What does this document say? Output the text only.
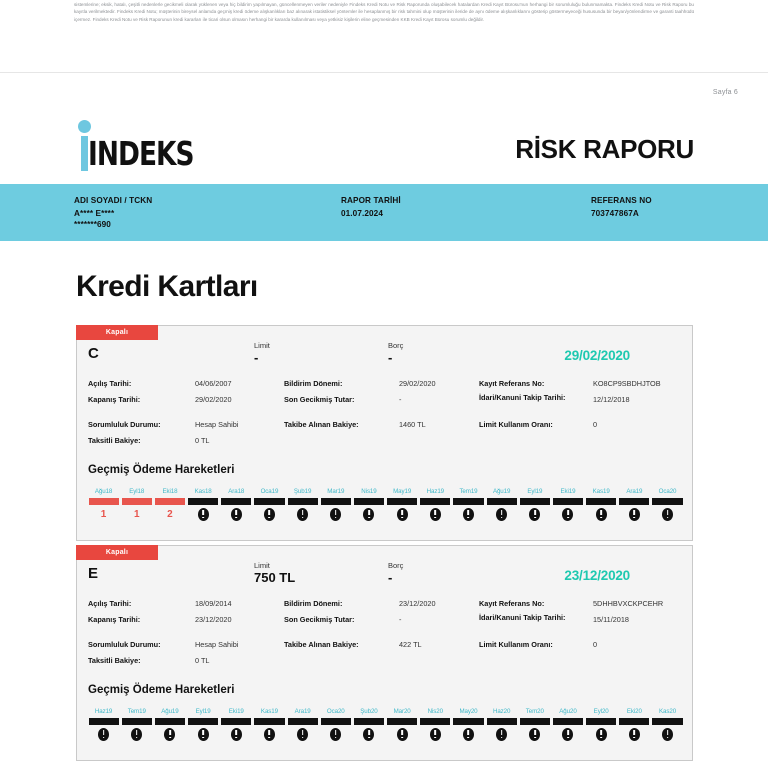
sistemlerine; eksik, hatalı, çeşitli nedenlerle gecikmeli olarak yüklenen veya hiç bildirim yapılmayan, güncellenmeyen veriler nedeniyle Findeks Kredi Notu ve Risk Raporunda oluşabilecek hatalardan Kredi Kayıt Bürosu'nun herhangi bir sorumluluğu bulunmamakta. Findeks Kredi Notu ve Risk Raporu bu kayıtla verilmektedir. Findeks Kredi Notu; müşterinin bireysel anlamda geçmiş kredi ödeme alışkanlıkları baz alınarak istatistiksel yöntemler ile hesaplanmış bir risk tahmini olup müşterinin ileride de aynı ödeme alışkanlıklarını gösterip göstermeyeceği hususunda bir beyan/yönlendirme ve garanti taahhüdü içermez. Findeks Kredi Notu ve Risk Raporunun kredi kararları ile ticari olsun olmasın herhangi bir kararda kullanılması veya yetkisiz kişilerin eline geçmesinden KKB Kredi Kayıt Bürosu sorumlu değildir.

Sayfa 6
INDEKS	RİSK RAPORU
ADI SOYADI / TCKN
A**** E****
*******690
RAPOR TARİHİ
01.07.2024
REFERANS NO
703747867A
Kredi Kartları
Kapalı
C	Limit
-
Borç
-	29/02/2020
Açılış Tarihi:	04/06/2007	Bildirim Dönemi:	29/02/2020	Kayıt Referans No:	KO8CP9SBDHJTOB
Kapanış Tarihi:	29/02/2020	Son Gecikmiş Tutar:	-	İdari/Kanuni Takip Tarihi:	12/12/2018
Sorumluluk Durumu:	Hesap Sahibi	Takibe Alınan Bakiye:	1460 TL	Limit Kullanım Oranı:	0
Taksitli Bakiye:	0 TL
Geçmiş Ödeme Hareketleri
Ağu18
1
Eyl18
1
Eki18
2
Kas18	Ara18	Oca19	Şub19	Mar19	Nis19	May19	Haz19	Tem19	Ağu19	Eyl19	Eki19	Kas19	Ara19	Oca20
Kapalı
E	Limit
750 TL
Borç
-	23/12/2020
Açılış Tarihi:	18/09/2014	Bildirim Dönemi:	23/12/2020	Kayıt Referans No:	5DHHBVXCKPCEHR
Kapanış Tarihi:	23/12/2020	Son Gecikmiş Tutar:	-	İdari/Kanuni Takip Tarihi:	15/11/2018
Sorumluluk Durumu:	Hesap Sahibi	Takibe Alınan Bakiye:	422 TL	Limit Kullanım Oranı:	0
Taksitli Bakiye:	0 TL
Geçmiş Ödeme Hareketleri
Haz19	Tem19	Ağu19	Eyl19	Eki19	Kas19	Ara19	Oca20	Şub20	Mar20	Nis20	May20	Haz20	Tem20	Ağu20	Eyl20	Eki20	Kas20
